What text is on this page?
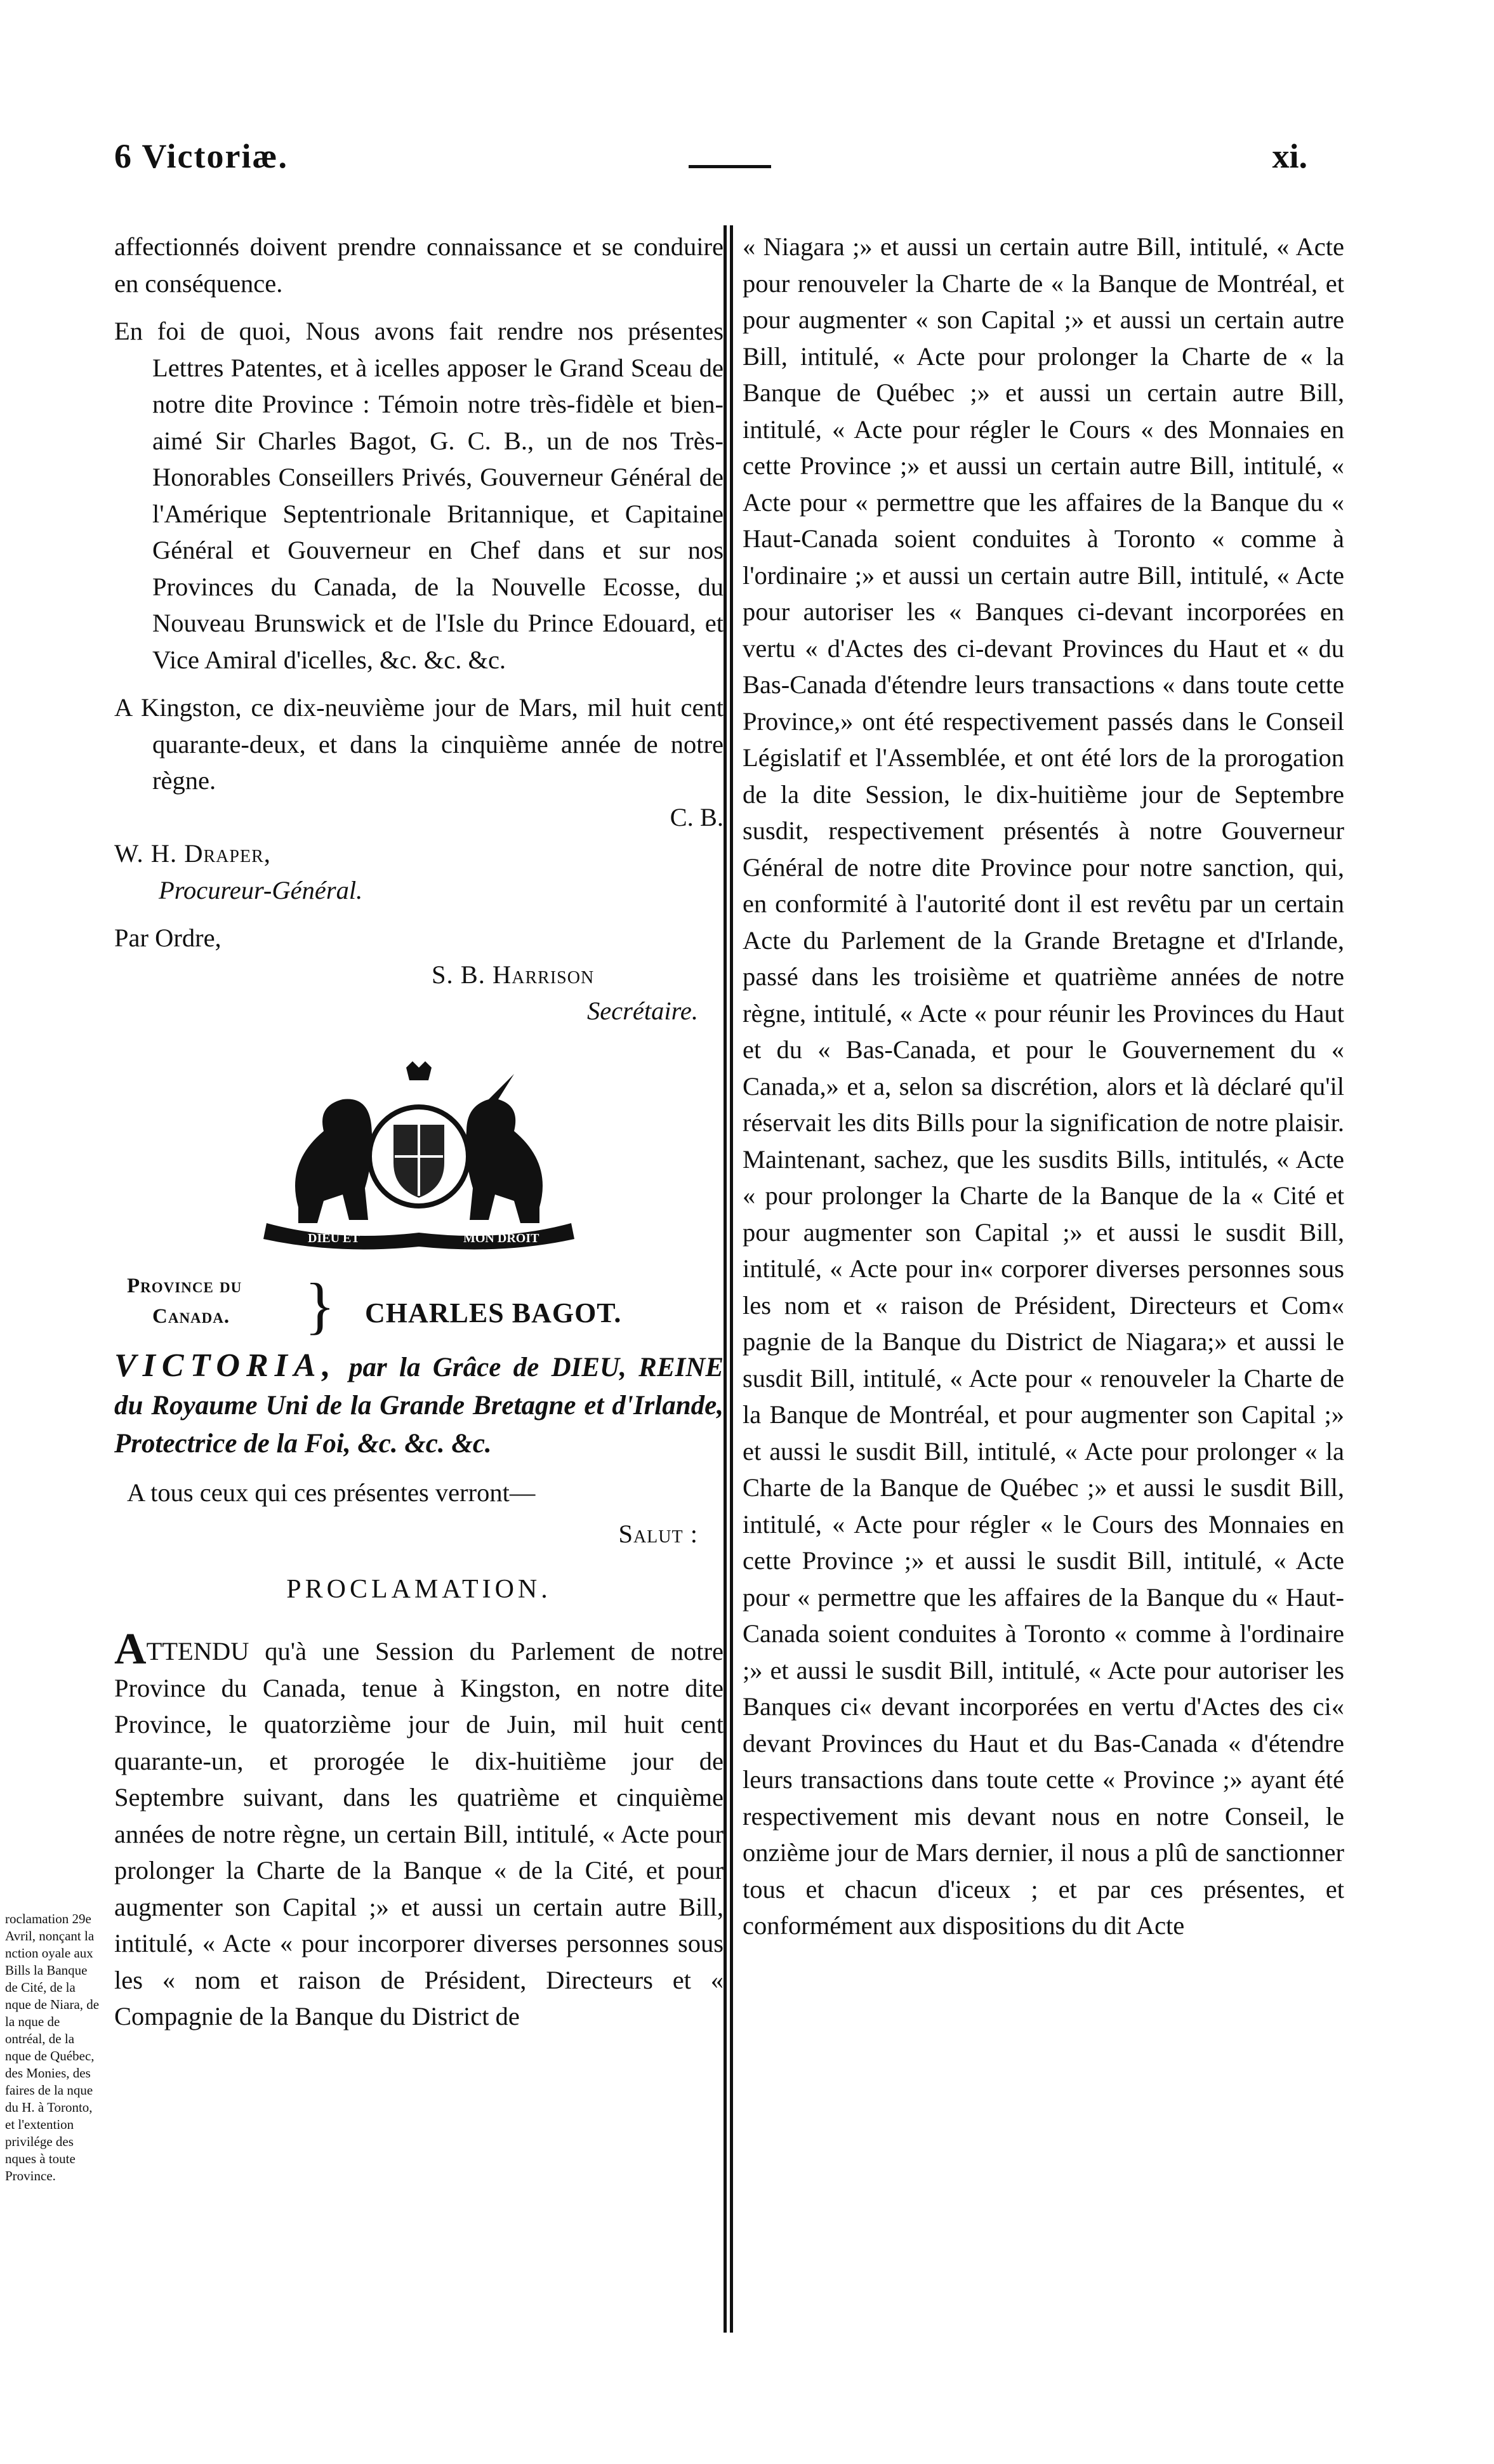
6 Victoriæ.	xi.

affectionnés doivent prendre connaissance et se conduire en conséquence.

En foi de quoi, Nous avons fait rendre nos présentes Lettres Patentes, et à icelles apposer le Grand Sceau de notre dite Province : Témoin notre très-fidèle et bien-aimé Sir Charles Bagot, G. C. B., un de nos Très-Honorables Conseillers Privés, Gouverneur Général de l'Amérique Septentrionale Britannique, et Capitaine Général et Gouverneur en Chef dans et sur nos Provinces du Canada, de la Nouvelle Ecosse, du Nouveau Brunswick et de l'Isle du Prince Edouard, et Vice Amiral d'icelles, &c. &c. &c.

A Kingston, ce dix-neuvième jour de Mars, mil huit cent quarante-deux, et dans la cinquième année de notre règne.

C. B.

W. H. Draper,

Procureur-Général.

Par Ordre,

S. B. Harrison

Secrétaire.

DIEU ET	MON DROIT
Province du
Canada. } CHARLES BAGOT.

VICTORIA, par la Grâce de DIEU, REINE du Royaume Uni de la Grande Bretagne et d'Irlande, Protectrice de la Foi, &c. &c. &c.

A tous ceux qui ces présentes verront—

Salut :

PROCLAMATION.

ATTENDU qu'à une Session du Parlement de notre Province du Canada, tenue à Kingston, en notre dite Province, le quatorzième jour de Juin, mil huit cent quarante-un, et prorogée le dix-huitième jour de Septembre suivant, dans les quatrième et cinquième années de notre règne, un certain Bill, intitulé, « Acte pour prolonger la Charte de la Banque « de la Cité, et pour augmenter son Capital ;» et aussi un certain autre Bill, intitulé, « Acte « pour incorporer diverses personnes sous les « nom et raison de Président, Directeurs et « Compagnie de la Banque du District de

« Niagara ;» et aussi un certain autre Bill, intitulé, « Acte pour renouveler la Charte de « la Banque de Montréal, et pour augmenter « son Capital ;» et aussi un certain autre Bill, intitulé, « Acte pour prolonger la Charte de « la Banque de Québec ;» et aussi un certain autre Bill, intitulé, « Acte pour régler le Cours « des Monnaies en cette Province ;» et aussi un certain autre Bill, intitulé, « Acte pour « permettre que les affaires de la Banque du « Haut-Canada soient conduites à Toronto « comme à l'ordinaire ;» et aussi un certain autre Bill, intitulé, « Acte pour autoriser les « Banques ci-devant incorporées en vertu « d'Actes des ci-devant Provinces du Haut et « du Bas-Canada d'étendre leurs transactions « dans toute cette Province,» ont été respectivement passés dans le Conseil Législatif et l'Assemblée, et ont été lors de la prorogation de la dite Session, le dix-huitième jour de Septembre susdit, respectivement présentés à notre Gouverneur Général de notre dite Province pour notre sanction, qui, en conformité à l'autorité dont il est revêtu par un certain Acte du Parlement de la Grande Bretagne et d'Irlande, passé dans les troisième et quatrième années de notre règne, intitulé, « Acte « pour réunir les Provinces du Haut et du « Bas-Canada, et pour le Gouvernement du « Canada,» et a, selon sa discrétion, alors et là déclaré qu'il réservait les dits Bills pour la signification de notre plaisir. Maintenant, sachez, que les susdits Bills, intitulés, « Acte « pour prolonger la Charte de la Banque de la « Cité et pour augmenter son Capital ;» et aussi le susdit Bill, intitulé, « Acte pour in« corporer diverses personnes sous les nom et « raison de Président, Directeurs et Com« pagnie de la Banque du District de Niagara;» et aussi le susdit Bill, intitulé, « Acte pour « renouveler la Charte de la Banque de Montréal, et pour augmenter son Capital ;» et aussi le susdit Bill, intitulé, « Acte pour prolonger « la Charte de la Banque de Québec ;» et aussi le susdit Bill, intitulé, « Acte pour régler « le Cours des Monnaies en cette Province ;» et aussi le susdit Bill, intitulé, « Acte pour « permettre que les affaires de la Banque du « Haut-Canada soient conduites à Toronto « comme à l'ordinaire ;» et aussi le susdit Bill, intitulé, « Acte pour autoriser les Banques ci« devant incorporées en vertu d'Actes des ci« devant Provinces du Haut et du Bas-Canada « d'étendre leurs transactions dans toute cette « Province ;» ayant été respectivement mis devant nous en notre Conseil, le onzième jour de Mars dernier, il nous a plû de sanctionner tous et chacun d'iceux ; et par ces présentes, et conformément aux dispositions du dit Acte

roclamation 29e Avril, nonçant la nction oyale aux Bills la Banque de Cité, de la nque de Niara, de la nque de ontréal, de la nque de Québec, des Monies, des faires de la nque du H. à Toronto, et l'extention privilége des nques à toute Province.
